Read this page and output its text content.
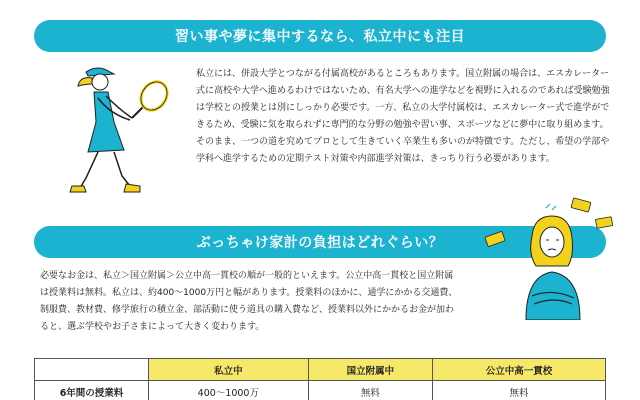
習い事や夢に集中するなら、私立中にも注目

私立には、併設大学とつながる付属高校があるところもあります。国立附属の場合は、エスカレーター式に高校や大学へ進めるわけではないため、有名大学への進学などを視野に入れるのであれば受験勉強は学校との授業とは別にしっかり必要です。一方、私立の大学付属校は、エスカレーター式で進学ができるため、受験に気を取られずに専門的な分野の勉強や習い事、スポーツなどに夢中に取り組めます。そのまま、一つの道を究めてプロとして生きていく卒業生も多いのが特徴です。ただし、希望の学部や学科へ進学するための定期テスト対策や内部進学対策は、きっちり行う必要があります。

ぶっちゃけ家計の負担はどれぐらい？

必要なお金は、私立＞国立附属＞公立中高一貫校の順が一般的といえます。公立中高一貫校と国立附属は授業料は無料。私立は、約400～1000万円と幅があります。授業料のほかに、通学にかかる交通費、制服費、教材費、修学旅行の積立金、部活動に使う道具の購入費など、授業料以外にかかるお金が加わると、選ぶ学校やお子さまによって大きく変わります。

	私立中	国立附属中	公立中高一貫校
6年間の授業料	400～1000万	無料	無料
